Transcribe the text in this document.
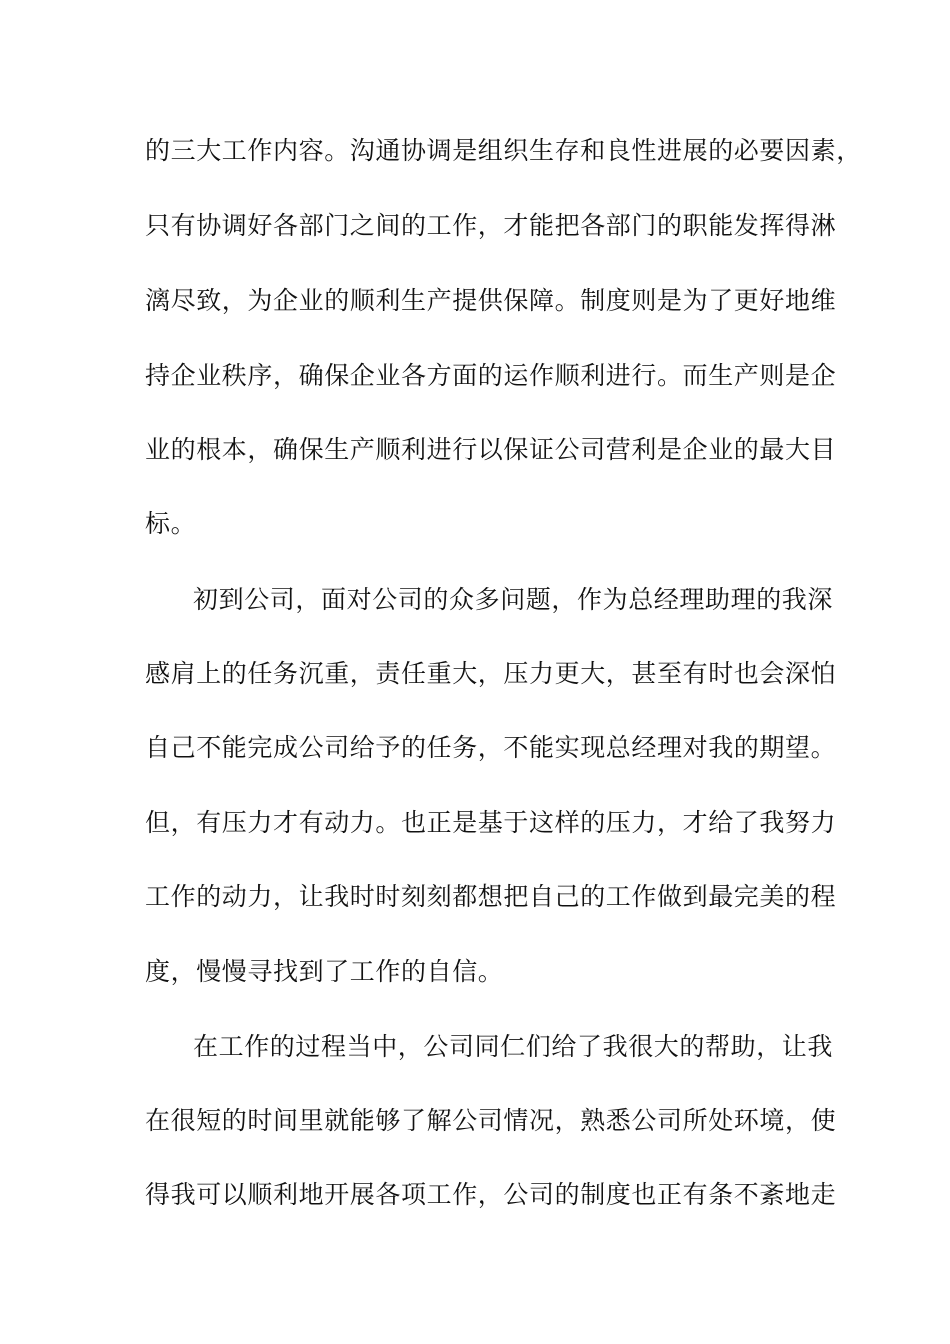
的三大工作内容。沟通协调是组织生存和良性进展的必要因素，
只有协调好各部门之间的工作，才能把各部门的职能发挥得淋
漓尽致，为企业的顺利生产提供保障。制度则是为了更好地维
持企业秩序，确保企业各方面的运作顺利进行。而生产则是企
业的根本，确保生产顺利进行以保证公司营利是企业的最大目
标。
初到公司，面对公司的众多问题，作为总经理助理的我深
感肩上的任务沉重，责任重大，压力更大，甚至有时也会深怕
自己不能完成公司给予的任务，不能实现总经理对我的期望。
但，有压力才有动力。也正是基于这样的压力，才给了我努力
工作的动力，让我时时刻刻都想把自己的工作做到最完美的程
度，慢慢寻找到了工作的自信。
在工作的过程当中，公司同仁们给了我很大的帮助，让我
在很短的时间里就能够了解公司情况，熟悉公司所处环境，使
得我可以顺利地开展各项工作，公司的制度也正有条不紊地走
